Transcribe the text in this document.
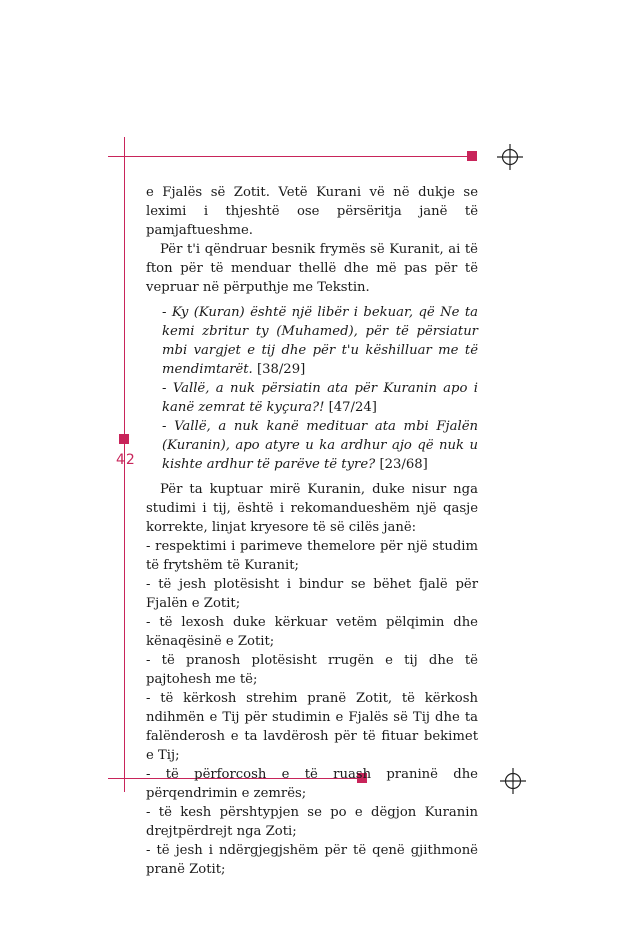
42

e Fjalës së Zotit. Vetë Kurani vë në dukje se leximi i thjeshtë ose përsëritja janë të pamjaftueshme.

Për t'i qëndruar besnik frymës së Kuranit, ai të fton për të menduar thellë dhe më pas për të vepruar në përputhje me Tekstin.

- Ky (Kuran) është një libër i bekuar, që Ne ta kemi zbritur ty (Muhamed), për të përsiatur mbi vargjet e tij dhe për t'u këshilluar me të mendimtarët. [38/29]

- Vallë, a nuk përsiatin ata për Kuranin apo i kanë zemrat të kyçura?! [47/24]

- Vallë, a nuk kanë medituar ata mbi Fjalën (Kuranin), apo atyre u ka ardhur ajo që nuk u kishte ardhur të parëve të tyre? [23/68]

Për ta kuptuar mirë Kuranin, duke nisur nga studimi i tij, është i rekomandueshëm një qasje korrekte, linjat kryesore të së cilës janë:

- respektimi i parimeve themelore për një studim të frytshëm të Kuranit;

- të jesh plotësisht i bindur se bëhet fjalë për Fjalën e Zotit;

- të lexosh duke kërkuar vetëm pëlqimin dhe kënaqësinë e Zotit;

- të pranosh plotësisht rrugën e tij dhe të pajtohesh me të;

- të kërkosh strehim pranë Zotit, të kërkosh ndihmën e Tij për studimin e Fjalës së Tij dhe ta falënderosh e ta lavdërosh për të fituar bekimet e Tij;

- të përforcosh e të ruash praninë dhe përqendrimin e zemrës;

- të kesh përshtypjen se po e dëgjon Kuranin drejtpërdrejt nga Zoti;

- të jesh i ndërgjegjshëm për të qenë gjithmonë pranë Zotit;
